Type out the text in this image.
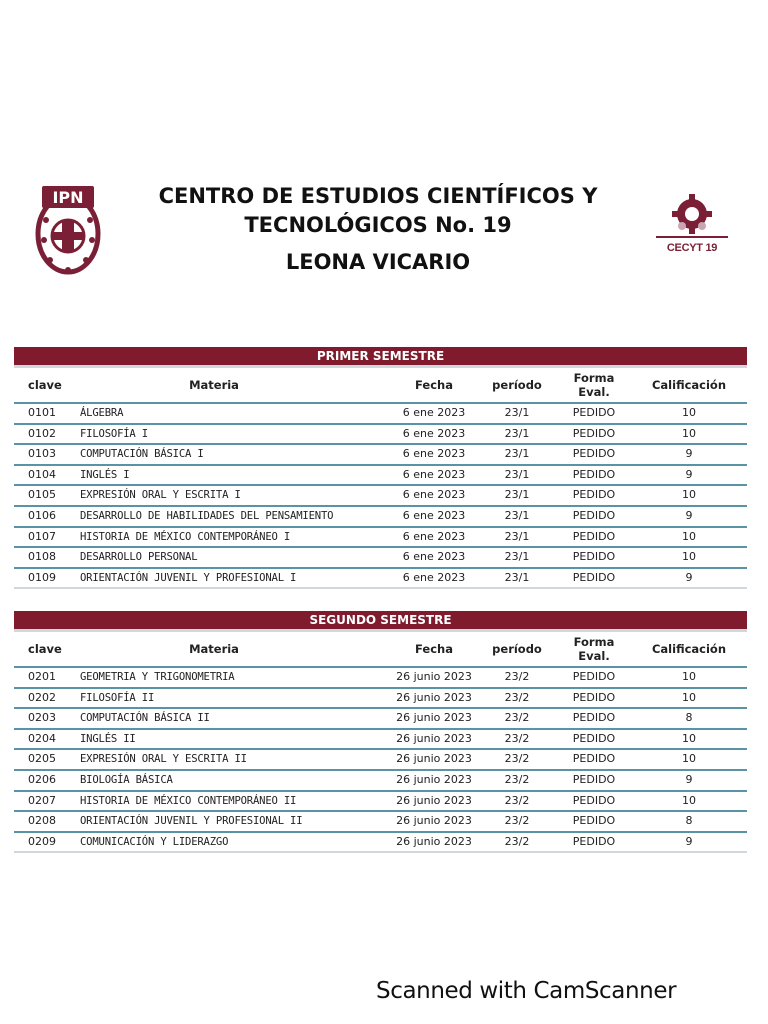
IPN	CENTRO DE ESTUDIOS CIENTÍFICOS Y
TECNOLÓGICOS No. 19
LEONA VICARIO
CECYT 19
PRIMER SEMESTRE
clave	Materia	Fecha	período	Forma Eval.	Calificación
0101 ÁLGEBRA	6 ene 2023	23/1	PEDIDO	10
0102 FILOSOFÍA I	6 ene 2023	23/1	PEDIDO	10
0103 COMPUTACIÓN BÁSICA I	6 ene 2023	23/1	PEDIDO	9
0104 INGLÉS I	6 ene 2023	23/1	PEDIDO	9
0105 EXPRESIÓN ORAL Y ESCRITA I	6 ene 2023	23/1	PEDIDO	10
0106 DESARROLLO DE HABILIDADES DEL PENSAMIENTO	6 ene 2023	23/1	PEDIDO	9
0107 HISTORIA DE MÉXICO CONTEMPORÁNEO I	6 ene 2023	23/1	PEDIDO	10
0108 DESARROLLO PERSONAL	6 ene 2023	23/1	PEDIDO	10
0109 ORIENTACIÓN JUVENIL Y PROFESIONAL I	6 ene 2023	23/1	PEDIDO	9
SEGUNDO SEMESTRE
clave	Materia	Fecha	período	Forma Eval.	Calificación
0201 GEOMETRIA Y TRIGONOMETRIA	26 junio 2023	23/2	PEDIDO	10
0202 FILOSOFÍA II	26 junio 2023	23/2	PEDIDO	10
0203 COMPUTACIÓN BÁSICA II	26 junio 2023	23/2	PEDIDO	8
0204 INGLÉS II	26 junio 2023	23/2	PEDIDO	10
0205 EXPRESIÓN ORAL Y ESCRITA II	26 junio 2023	23/2	PEDIDO	10
0206 BIOLOGÍA BÁSICA	26 junio 2023	23/2	PEDIDO	9
0207 HISTORIA DE MÉXICO CONTEMPORÁNEO II	26 junio 2023	23/2	PEDIDO	10
0208 ORIENTACIÓN JUVENIL Y PROFESIONAL II	26 junio 2023	23/2	PEDIDO	8
0209 COMUNICACIÓN Y LIDERAZGO	26 junio 2023	23/2	PEDIDO	9
Scanned with CamScanner
